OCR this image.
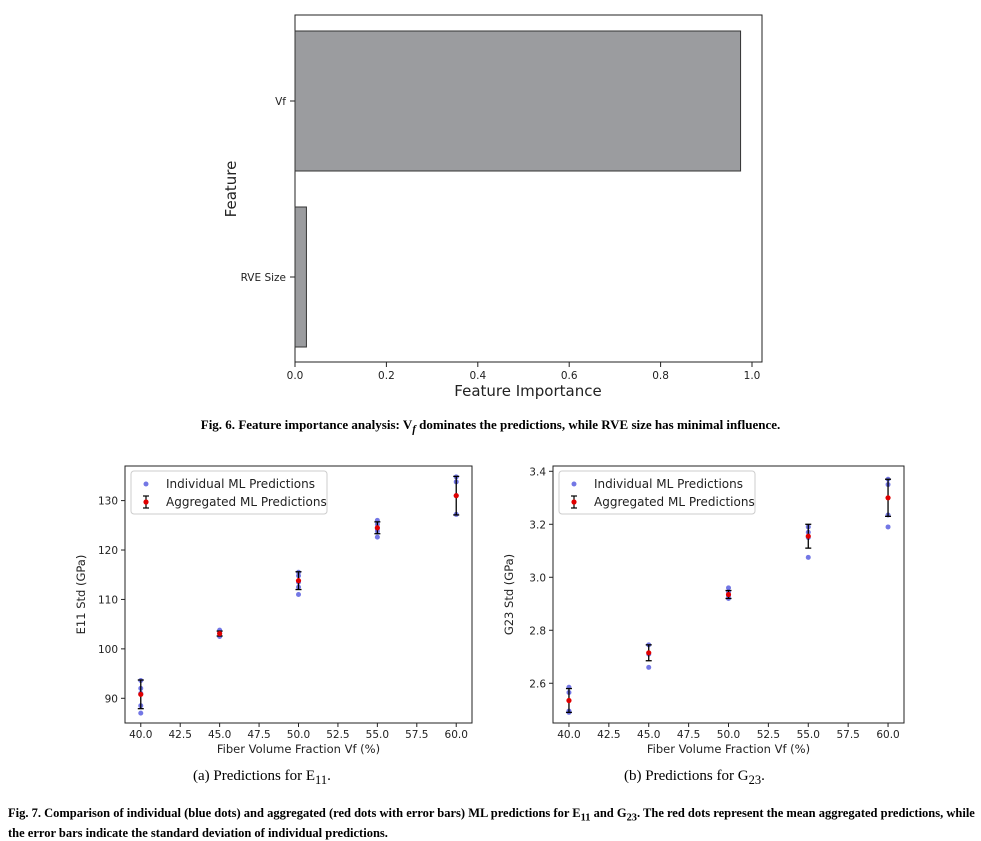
Vf
RVE Size
0.0	0.2	0.4	0.6	0.8	1.0
Feature Importance
Feature
Fig. 6. Feature importance analysis: $V_f$ dominates the predictions, while RVE size has minimal influence.
40.0 42.5 45.0 47.5 50.0 52.5 55.0 57.5 60.0
90
100
110
120
130
Fiber Volume Fraction Vf (%)
E11 Std (GPa)
Individual ML Predictions
Aggregated ML Predictions
40.0 42.5 45.0 47.5 50.0 52.5 55.0 57.5 60.0
2.6
2.8
3.0
3.2
3.4
Fiber Volume Fraction Vf (%)
G23 Std (GPa)
Individual ML Predictions
Aggregated ML Predictions
(a) Predictions for $E_{11}$.	(b) Predictions for $G_{23}$.
Fig. 7. Comparison of individual (blue dots) and aggregated (red dots with error bars) ML predictions for $E_{11}$ and $G_{23}$. The red dots represent the mean aggregated predictions, while the error bars indicate the standard deviation of individual predictions.
